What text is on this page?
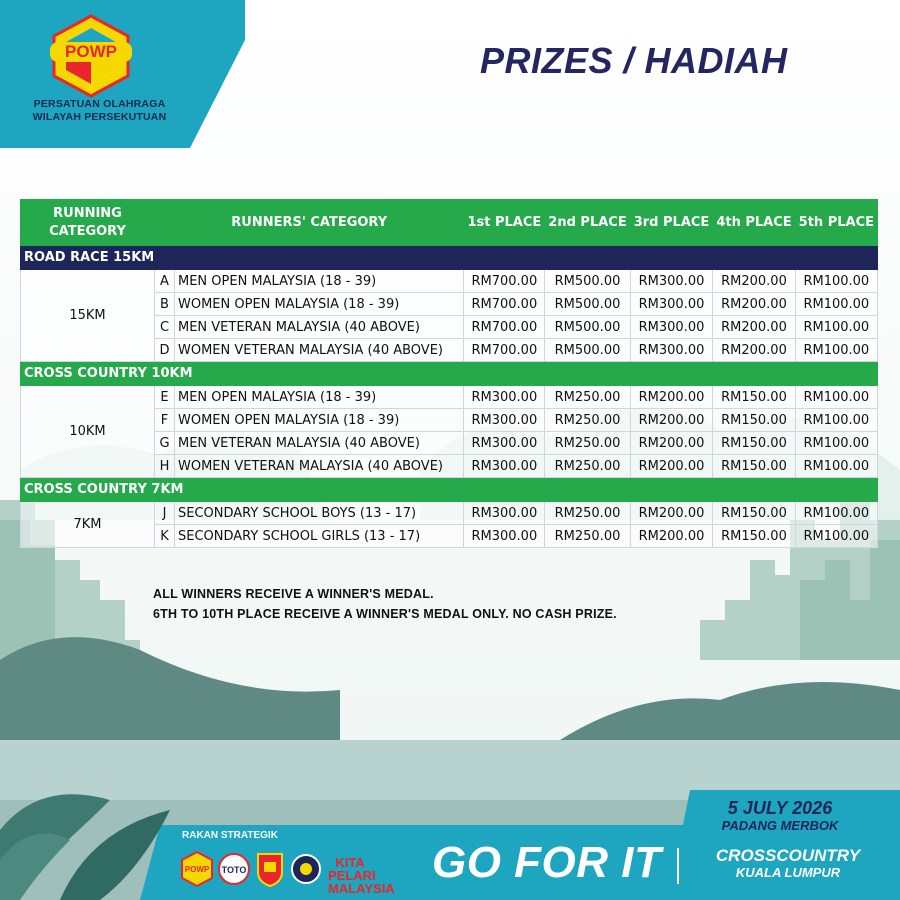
POWP
PERSATUAN OLAHRAGA
WILAYAH PERSEKUTUAN
PRIZES / HADIAH
RUNNING CATEGORY	RUNNERS' CATEGORY		1st PLACE	2nd PLACE	3rd PLACE	4th PLACE	5th PLACE
ROAD RACE 15KM							
15KM	A	MEN OPEN MALAYSIA (18 - 39)	RM700.00	RM500.00	RM300.00	RM200.00	RM100.00
	B	WOMEN OPEN MALAYSIA (18 - 39)	RM700.00	RM500.00	RM300.00	RM200.00	RM100.00
	C	MEN VETERAN MALAYSIA (40 ABOVE)	RM700.00	RM500.00	RM300.00	RM200.00	RM100.00
	D	WOMEN VETERAN MALAYSIA (40 ABOVE)	RM700.00	RM500.00	RM300.00	RM200.00	RM100.00
CROSS COUNTRY 10KM							
10KM	E	MEN OPEN MALAYSIA (18 - 39)	RM300.00	RM250.00	RM200.00	RM150.00	RM100.00
	F	WOMEN OPEN MALAYSIA (18 - 39)	RM300.00	RM250.00	RM200.00	RM150.00	RM100.00
	G	MEN VETERAN MALAYSIA (40 ABOVE)	RM300.00	RM250.00	RM200.00	RM150.00	RM100.00
	H	WOMEN VETERAN MALAYSIA (40 ABOVE)	RM300.00	RM250.00	RM200.00	RM150.00	RM100.00
CROSS COUNTRY 7KM							
7KM	J	SECONDARY SCHOOL BOYS (13 - 17)	RM300.00	RM250.00	RM200.00	RM150.00	RM100.00
	K	SECONDARY SCHOOL GIRLS (13 - 17)	RM300.00	RM250.00	RM200.00	RM150.00	RM100.00
ALL WINNERS RECEIVE A WINNER'S MEDAL.
6TH TO 10TH PLACE RECEIVE A WINNER'S MEDAL ONLY. NO CASH PRIZE.
RAKAN STRATEGIK
POWP TOTO	KITA PELARI MALAYSIA
GO FOR IT
5 JULY 2026
PADANG MERBOK
CROSSCOUNTRY
KUALA LUMPUR
